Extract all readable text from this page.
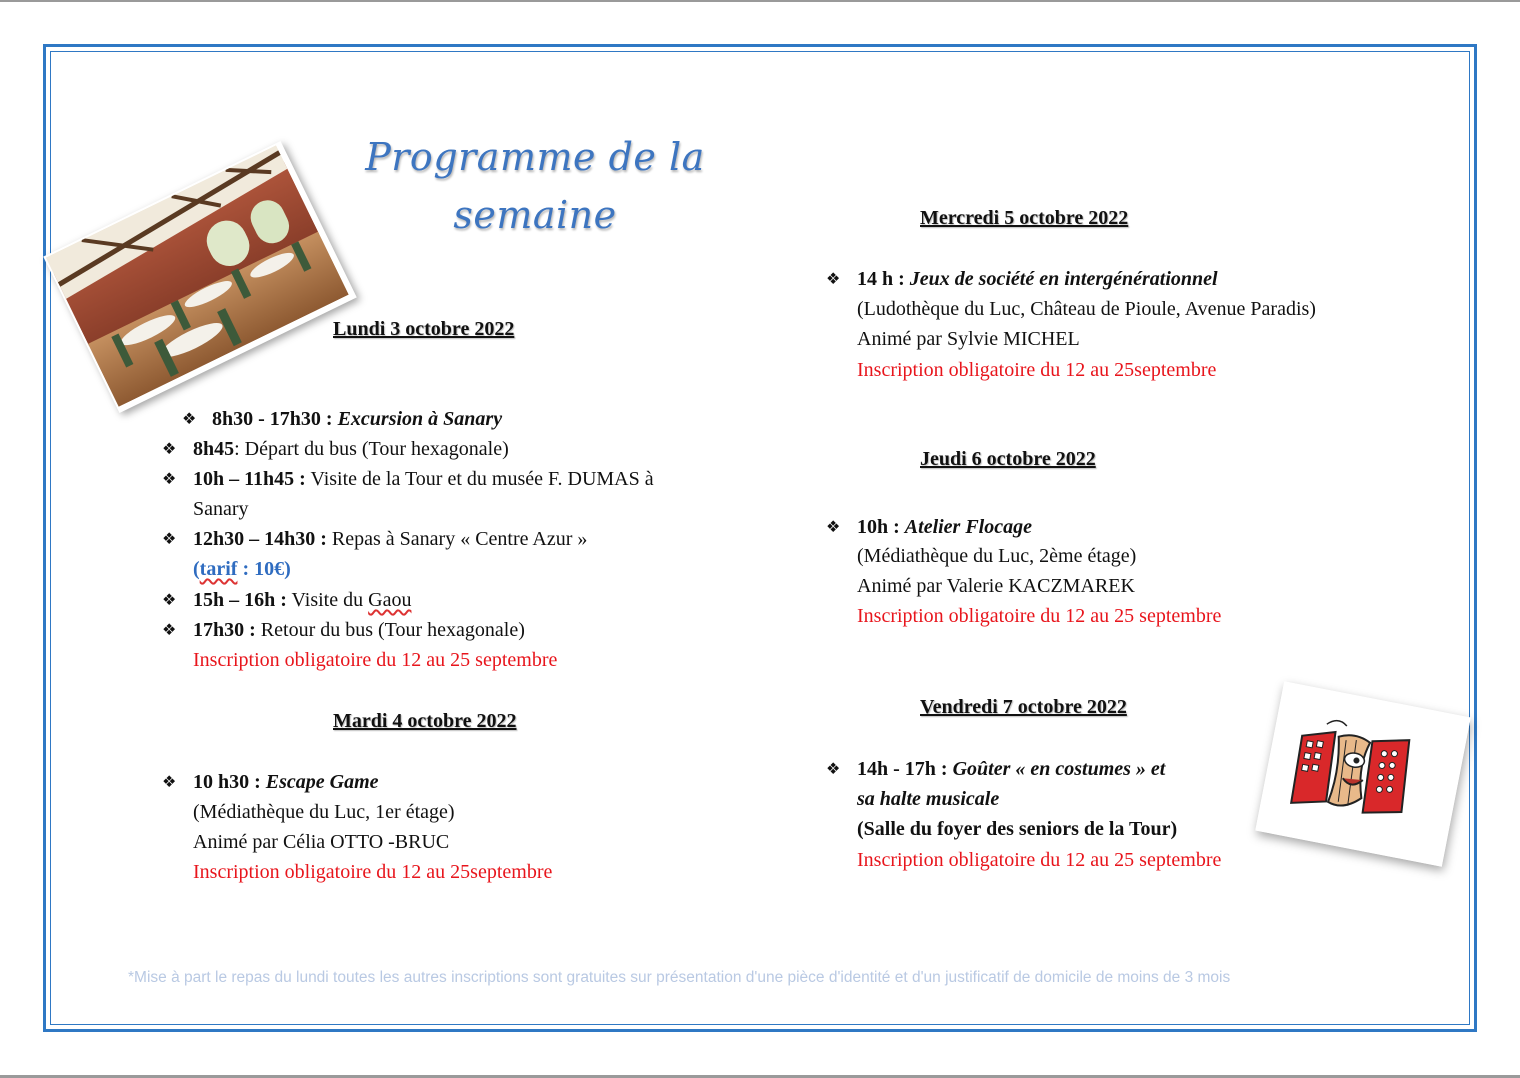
Programme de la
semaine
Lundi 3 octobre 2022
❖ 8h30 - 17h30 : Excursion à Sanary
❖ 8h45: Départ du bus (Tour hexagonale)
❖ 10h – 11h45 : Visite de la Tour et du musée F. DUMAS à
Sanary
❖ 12h30 – 14h30 : Repas à Sanary « Centre Azur »
(tarif : 10€)
❖ 15h – 16h : Visite du Gaou
❖ 17h30 : Retour du bus (Tour hexagonale)
Inscription obligatoire du 12 au 25 septembre
Mardi 4 octobre 2022
❖ 10 h30 : Escape Game
(Médiathèque du Luc, 1er étage)
Animé par Célia OTTO -BRUC
Inscription obligatoire du 12 au 25septembre
Mercredi 5 octobre 2022
❖ 14 h : Jeux de société en intergénérationnel
(Ludothèque du Luc, Château de Pioule, Avenue Paradis)
Animé par Sylvie MICHEL
Inscription obligatoire du 12 au 25septembre
Jeudi 6 octobre 2022
❖ 10h : Atelier Flocage
(Médiathèque du Luc, 2ème étage)
Animé par Valerie KACZMAREK
Inscription obligatoire du 12 au 25 septembre
Vendredi 7 octobre 2022
❖ 14h - 17h : Goûter « en costumes » et
sa halte musicale
(Salle du foyer des seniors de la Tour)
Inscription obligatoire du 12 au 25 septembre
*Mise à part le repas du lundi toutes les autres inscriptions sont gratuites sur présentation d'une pièce d'identité et d'un justificatif de domicile de moins de 3 mois
